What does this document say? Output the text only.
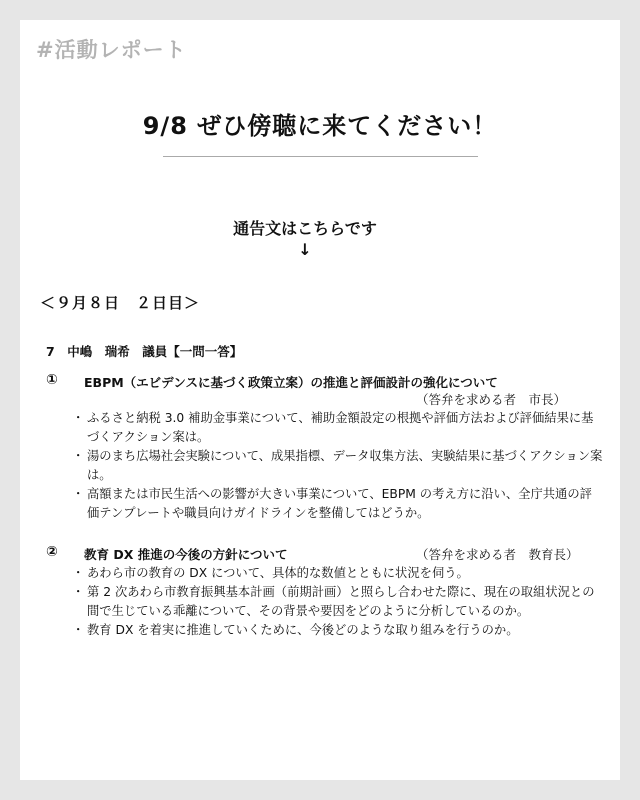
#活動レポート
9/8 ぜひ傍聴に来てください！
通告文はこちらです
↓
＜９月８日　２日目＞
7　中嶋　瑞希　議員【一問一答】
① EBPM（エビデンスに基づく政策立案）の推進と評価設計の強化について
（答弁を求める者　市長）
・ ふるさと納税 3.0 補助金事業について、補助金額設定の根拠や評価方法および評価結果に基づくアクション案は。
・ 湯のまち広場社会実験について、成果指標、データ収集方法、実験結果に基づくアクション案は。
・ 高額または市民生活への影響が大きい事業について、EBPM の考え方に沿い、全庁共通の評価テンプレートや職員向けガイドラインを整備してはどうか。
② 教育 DX 推進の今後の方針について	（答弁を求める者　教育長）
・ あわら市の教育の DX について、具体的な数値とともに状況を伺う。
・ 第 2 次あわら市教育振興基本計画（前期計画）と照らし合わせた際に、現在の取組状況との間で生じている乖離について、その背景や要因をどのように分析しているのか。
・ 教育 DX を着実に推進していくために、今後どのような取り組みを行うのか。
